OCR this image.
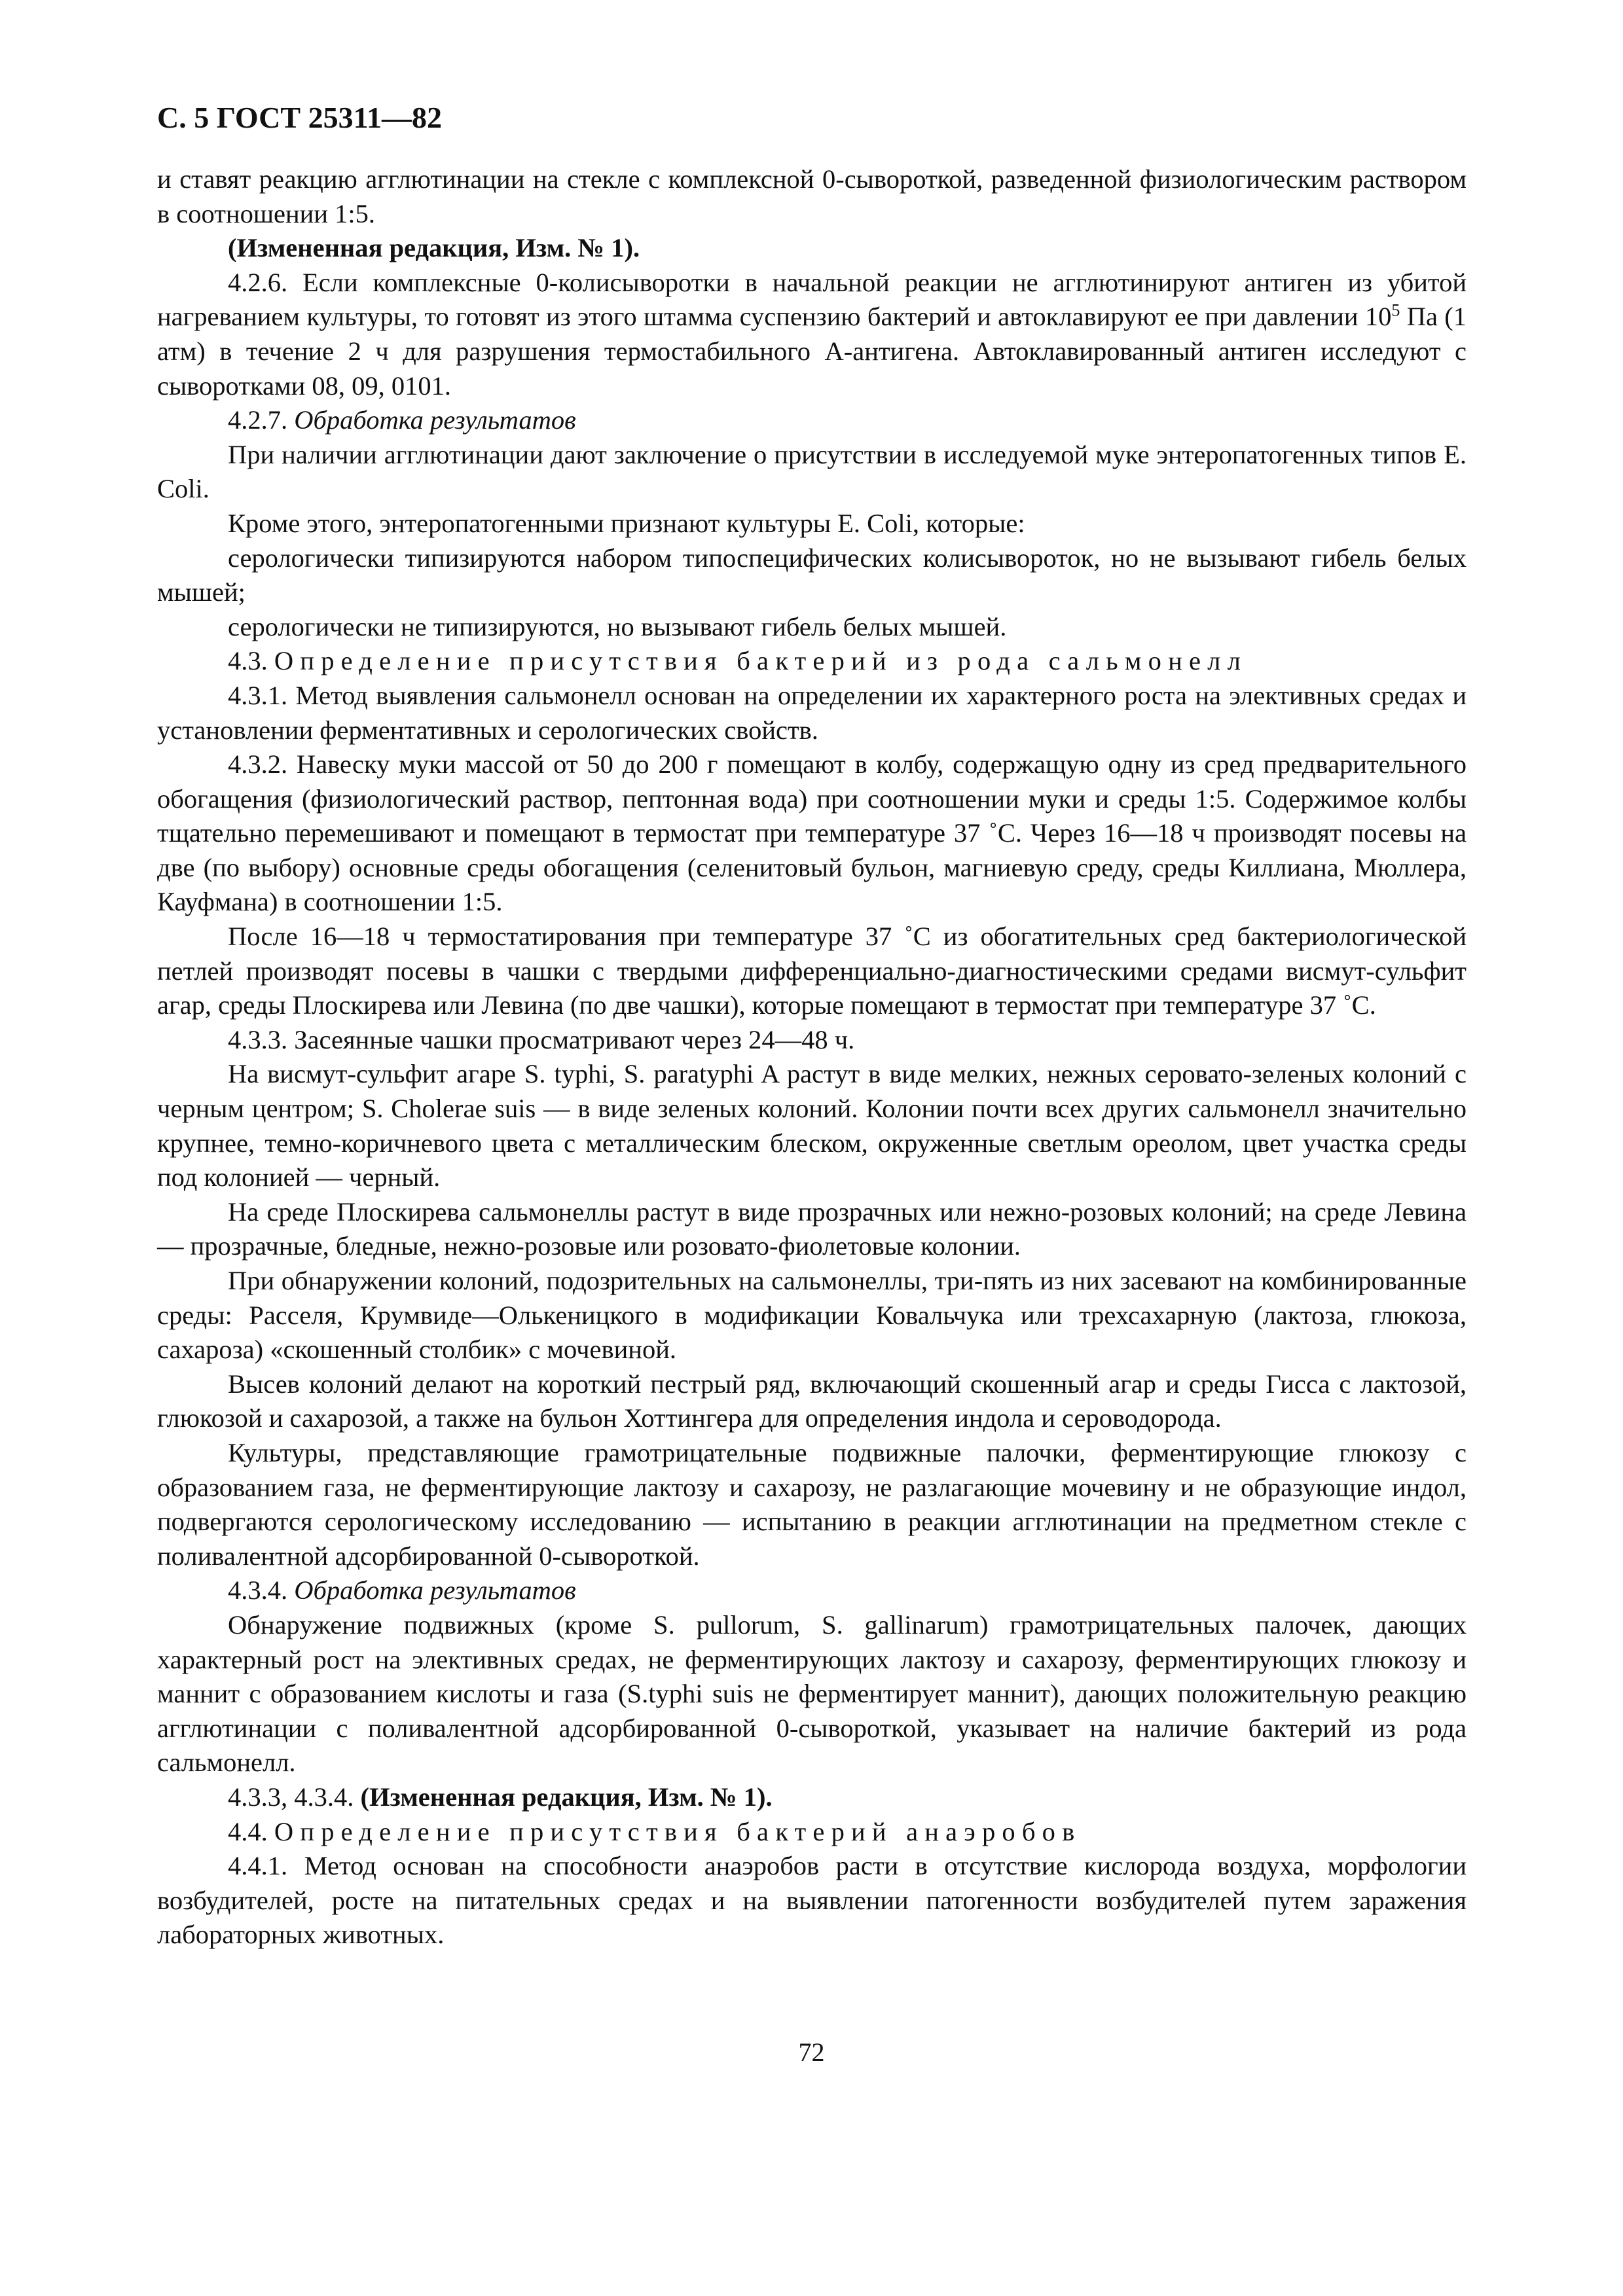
С. 5 ГОСТ 25311—82

и ставят реакцию агглютинации на стекле с комплексной 0-сывороткой, разведенной физиологическим раствором в соотношении 1:5.

(Измененная редакция, Изм. № 1).

4.2.6. Если комплексные 0-колисыворотки в начальной реакции не агглютинируют антиген из убитой нагреванием культуры, то готовят из этого штамма суспензию бактерий и автоклавируют ее при давлении $10^5$ Па (1 атм) в течение 2 ч для разрушения термостабильного А-антигена. Автоклавированный антиген исследуют с сыворотками 08, 09, 0101.

4.2.7. Обработка результатов

При наличии агглютинации дают заключение о присутствии в исследуемой муке энтеропатогенных типов E. Coli.

Кроме этого, энтеропатогенными признают культуры E. Coli, которые:

серологически типизируются набором типоспецифических колисывороток, но не вызывают гибель белых мышей;

серологически не типизируются, но вызывают гибель белых мышей.

4.3. Определение присутствия бактерий из рода сальмонелл

4.3.1. Метод выявления сальмонелл основан на определении их характерного роста на элективных средах и установлении ферментативных и серологических свойств.

4.3.2. Навеску муки массой от 50 до 200 г помещают в колбу, содержащую одну из сред предварительного обогащения (физиологический раствор, пептонная вода) при соотношении муки и среды 1:5. Содержимое колбы тщательно перемешивают и помещают в термостат при температуре 37 ˚С. Через 16—18 ч производят посевы на две (по выбору) основные среды обогащения (селенитовый бульон, магниевую среду, среды Киллиана, Мюллера, Кауфмана) в соотношении 1:5.

После 16—18 ч термостатирования при температуре 37 ˚С из обогатительных сред бактериологической петлей производят посевы в чашки с твердыми дифференциально-диагностическими средами висмут-сульфит агар, среды Плоскирева или Левина (по две чашки), которые помещают в термостат при температуре 37 ˚С.

4.3.3. Засеянные чашки просматривают через 24—48 ч.

На висмут-сульфит агаре S. typhi, S. paratyphi A растут в виде мелких, нежных серовато-зеленых колоний с черным центром; S. Cholerae suis — в виде зеленых колоний. Колонии почти всех других сальмонелл значительно крупнее, темно-коричневого цвета с металлическим блеском, окруженные светлым ореолом, цвет участка среды под колонией — черный.

На среде Плоскирева сальмонеллы растут в виде прозрачных или нежно-розовых колоний; на среде Левина — прозрачные, бледные, нежно-розовые или розовато-фиолетовые колонии.

При обнаружении колоний, подозрительных на сальмонеллы, три-пять из них засевают на комбинированные среды: Расселя, Крумвиде—Олькеницкого в модификации Ковальчука или трехсахарную (лактоза, глюкоза, сахароза) «скошенный столбик» с мочевиной.

Высев колоний делают на короткий пестрый ряд, включающий скошенный агар и среды Гисса с лактозой, глюкозой и сахарозой, а также на бульон Хоттингера для определения индола и сероводорода.

Культуры, представляющие грамотрицательные подвижные палочки, ферментирующие глюкозу с образованием газа, не ферментирующие лактозу и сахарозу, не разлагающие мочевину и не образующие индол, подвергаются серологическому исследованию — испытанию в реакции агглютинации на предметном стекле с поливалентной адсорбированной 0-сывороткой.

4.3.4. Обработка результатов

Обнаружение подвижных (кроме S. pullorum, S. gallinarum) грамотрицательных палочек, дающих характерный рост на элективных средах, не ферментирующих лактозу и сахарозу, ферментирующих глюкозу и маннит с образованием кислоты и газа (S.typhi suis не ферментирует маннит), дающих положительную реакцию агглютинации с поливалентной адсорбированной 0-сывороткой, указывает на наличие бактерий из рода сальмонелл.

4.3.3, 4.3.4. (Измененная редакция, Изм. № 1).

4.4. Определение присутствия бактерий анаэробов

4.4.1. Метод основан на способности анаэробов расти в отсутствие кислорода воздуха, морфологии возбудителей, росте на питательных средах и на выявлении патогенности возбудителей путем заражения лабораторных животных.

72
